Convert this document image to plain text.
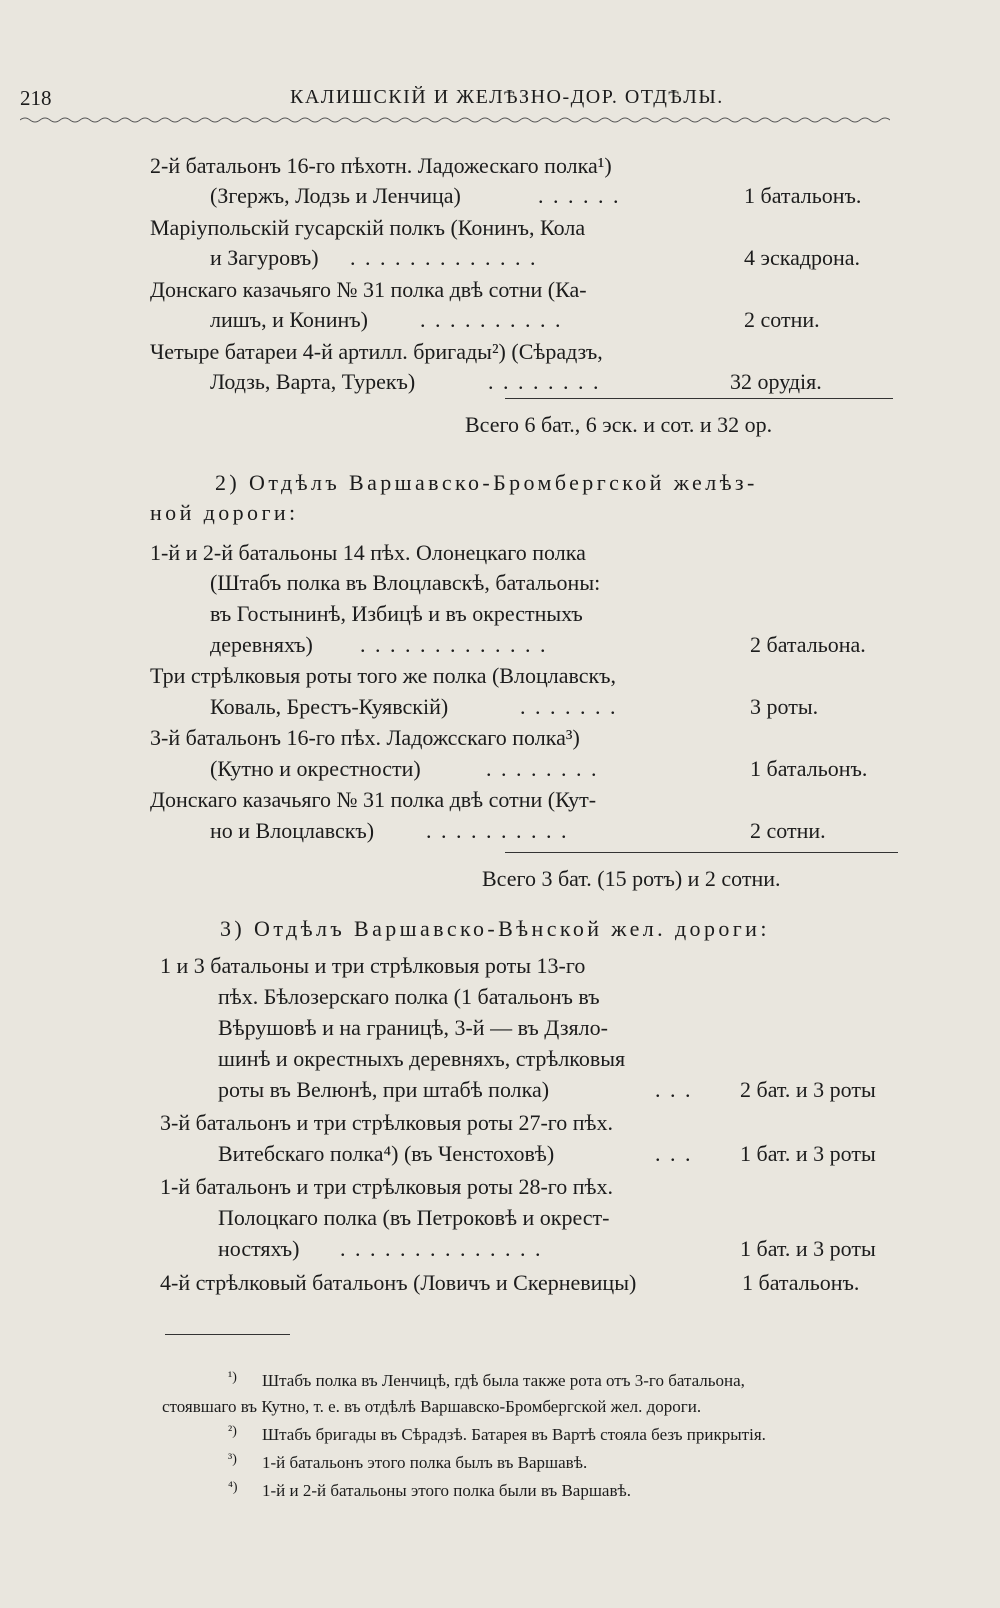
218	КАЛИШСКІЙ И ЖЕЛѢЗНО-ДОР. ОТДѢЛЫ.
2-й батальонъ 16-го пѣхотн. Ладожескаго полка¹)
(Згержъ, Лодзь и Ленчица)	. . . . . .	1 батальонъ.
Маріупольскій гусарскій полкъ (Конинъ, Кола
и Загуровъ) . . . . . . . . . . . . .	4 эскадрона.
Донскаго казачьяго № 31 полка двѣ сотни (Ка-
лишъ, и Конинъ) . . . . . . . . . .	2 сотни.
Четыре батареи 4-й артилл. бригады²) (Сѣрадзъ,
Лодзь, Варта, Турекъ)	. . . . . . . .	32 орудія.
Всего 6 бат., 6 эск. и сот. и 32 ор.
2) Отдѣлъ Варшавско-Бромбергской желѣз-
ной дороги:
1-й и 2-й батальоны 14 пѣх. Олонецкаго полка
(Штабъ полка въ Влоцлавскѣ, батальоны:
въ Гостынинѣ, Избицѣ и въ окрестныхъ
деревняхъ) . . . . . . . . . . . . .	2 батальона.
Три стрѣлковыя роты того же полка (Влоцлавскъ,
Коваль, Брестъ-Куявскій)	. . . . . . .	3 роты.
3-й батальонъ 16-го пѣх. Ладожсскаго полка³)
(Кутно и окрестности)	. . . . . . . .	1 батальонъ.
Донскаго казачьяго № 31 полка двѣ сотни (Кут-
но и Влоцлавскъ) . . . . . . . . . .	2 сотни.
Всего 3 бат. (15 ротъ) и 2 сотни.
3) Отдѣлъ Варшавско-Вѣнской жел. дороги:
1 и 3 батальоны и три стрѣлковыя роты 13-го
пѣх. Бѣлозерскаго полка (1 батальонъ въ
Вѣрушовѣ и на границѣ, 3-й — въ Дзяло-
шинѣ и окрестныхъ деревняхъ, стрѣлковыя
роты въ Велюнѣ, при штабѣ полка)	. . . 2 бат. и 3 роты
3-й батальонъ и три стрѣлковыя роты 27-го пѣх.
Витебскаго полка⁴) (въ Ченстоховѣ)	. . . 1 бат. и 3 роты
1-й батальонъ и три стрѣлковыя роты 28-го пѣх.
Полоцкаго полка (въ Петроковѣ и окрест-
ностяхъ) . . . . . . . . . . . . . .	1 бат. и 3 роты
4-й стрѣлковый батальонъ (Ловичъ и Скерневицы)	1 батальонъ.
¹) Штабъ полка въ Ленчицѣ, гдѣ была также рота отъ 3-го батальона,
стоявшаго въ Кутно, т. е. въ отдѣлѣ Варшавско-Бромбергской жел. дороги.
²) Штабъ бригады въ Сѣрадзѣ. Батарея въ Вартѣ стояла безъ прикрытія.
³) 1-й батальонъ этого полка былъ въ Варшавѣ.
⁴) 1-й и 2-й батальоны этого полка были въ Варшавѣ.
